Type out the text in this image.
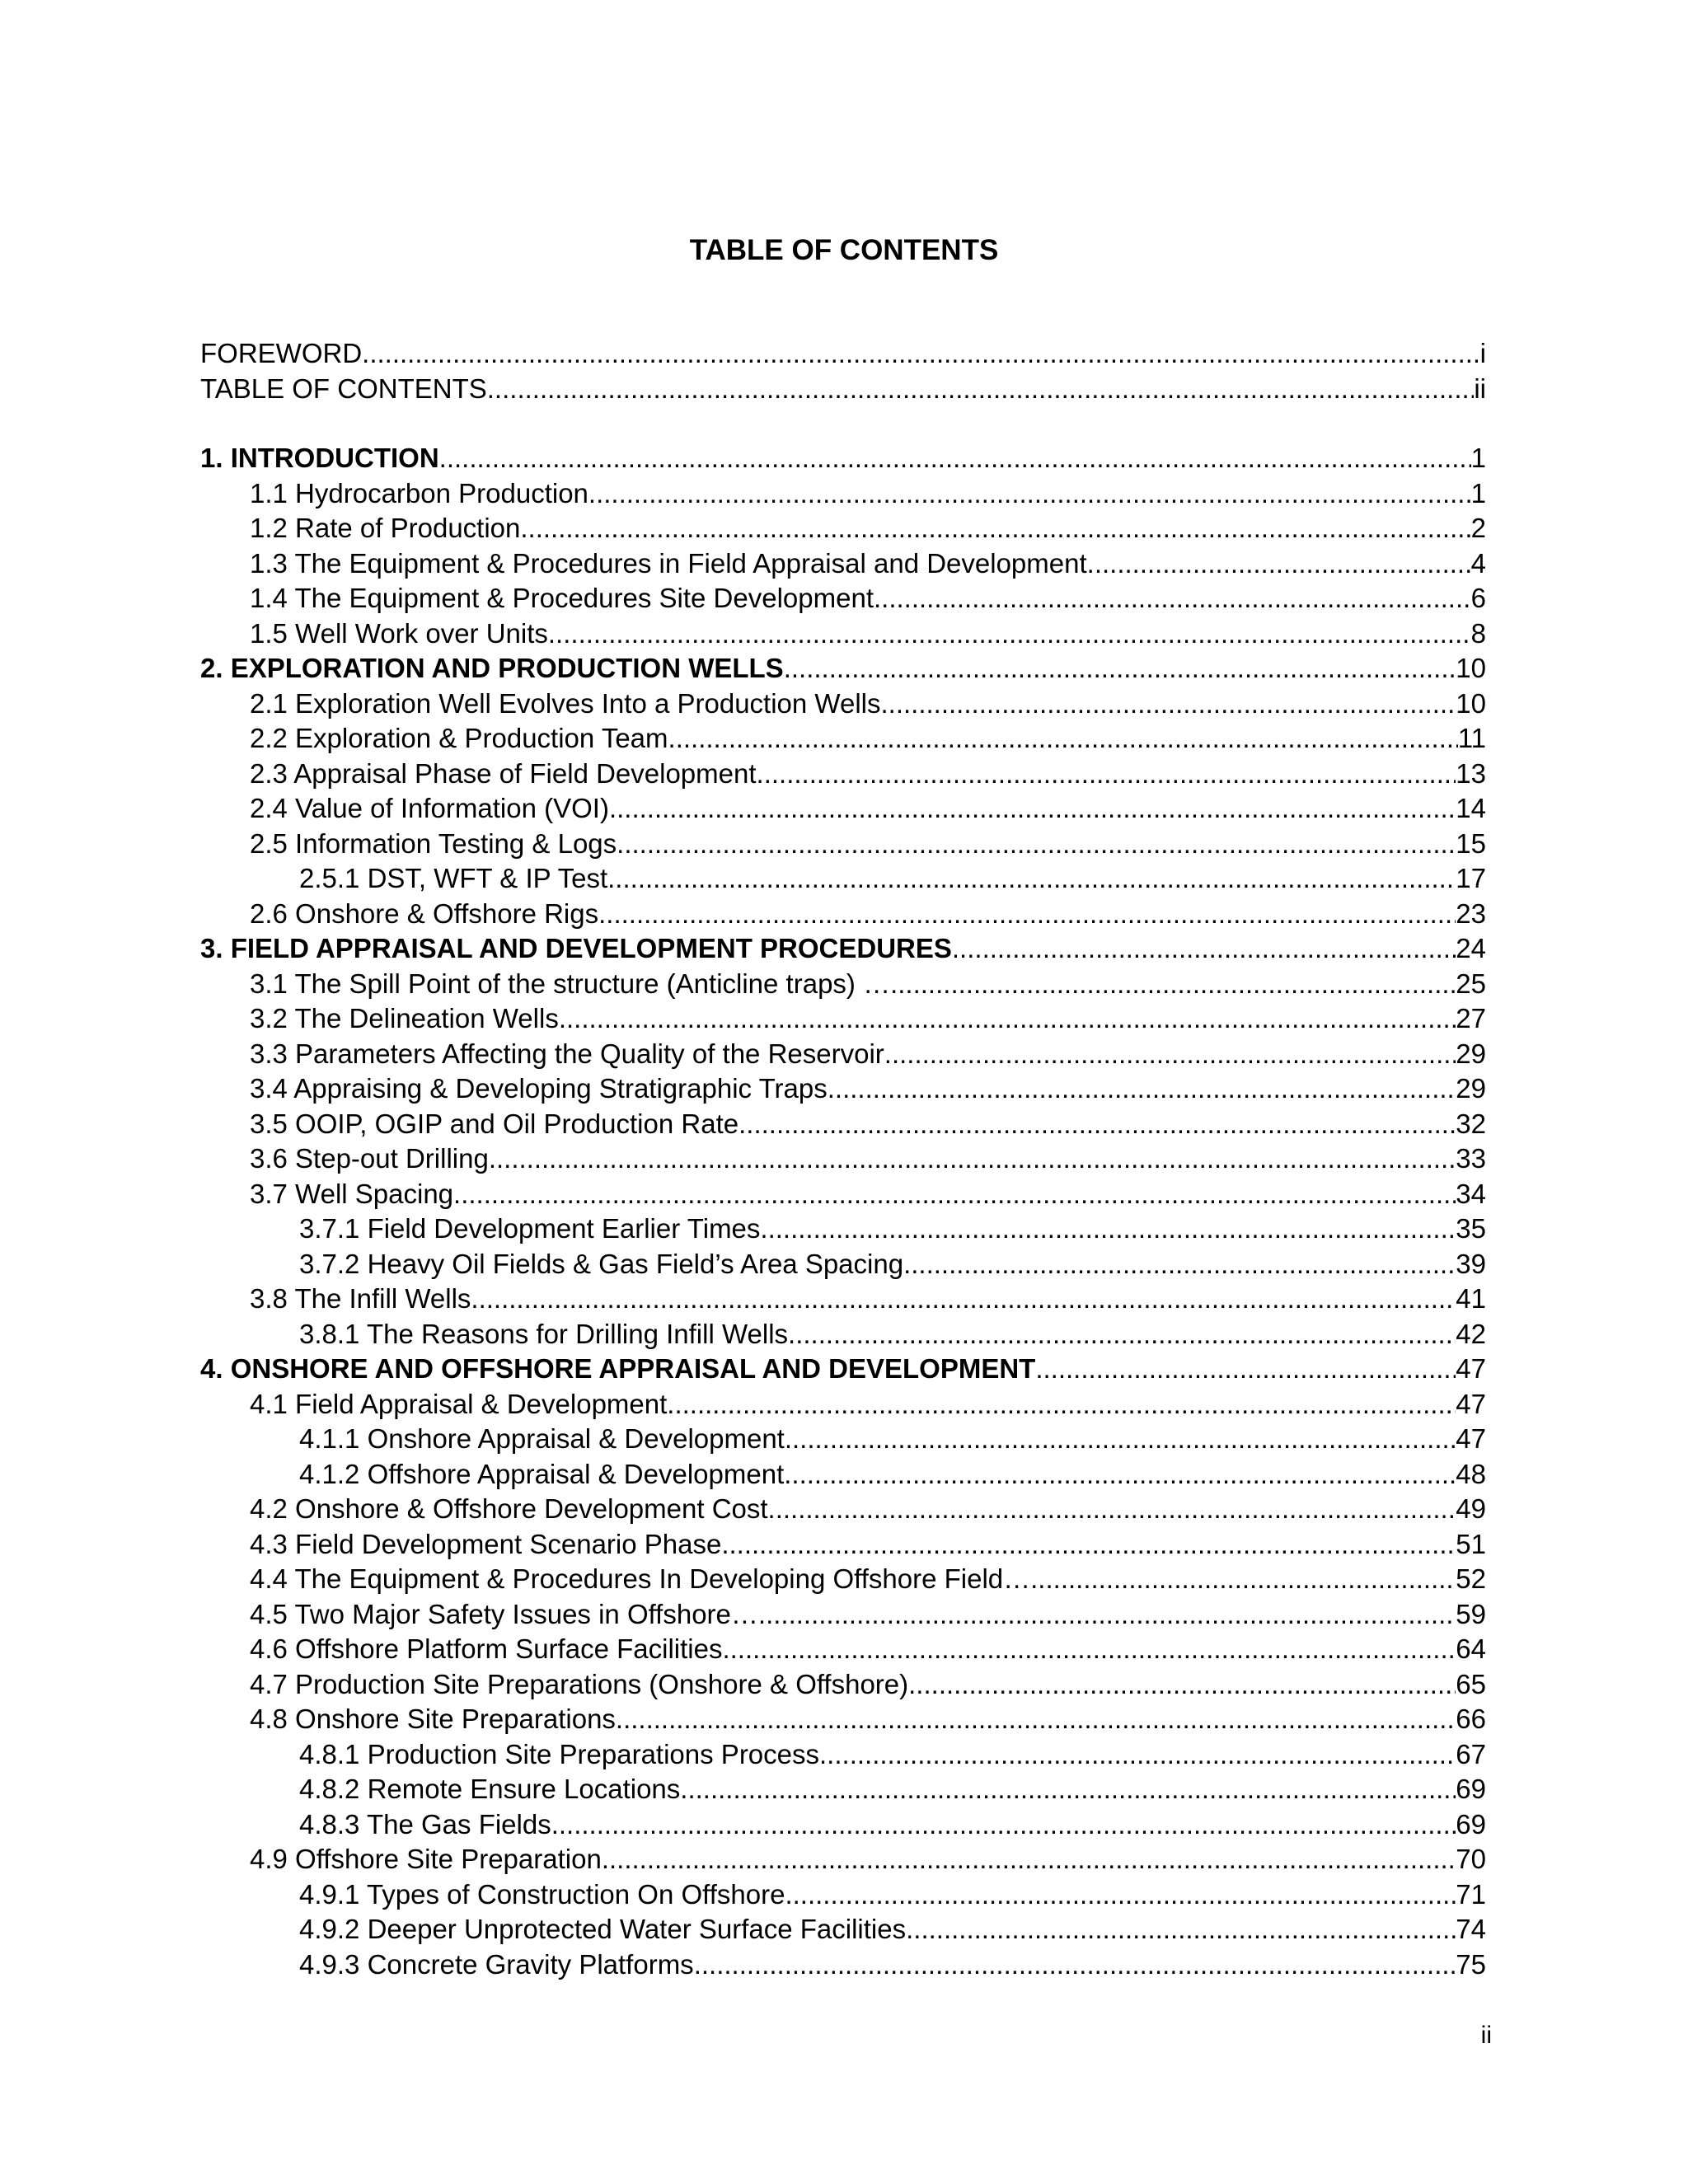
TABLE OF CONTENTS
FOREWORD .....	i
TABLE OF CONTENTS .....	ii
1. INTRODUCTION .....	1
1.1 Hydrocarbon Production .....	1
1.2 Rate of Production .....	2
1.3 The Equipment & Procedures in Field Appraisal and Development .....	4
1.4 The Equipment & Procedures Site Development .....	6
1.5 Well Work over Units .....	8
2. EXPLORATION AND PRODUCTION WELLS .....	10
2.1 Exploration Well Evolves Into a Production Wells .....	10
2.2 Exploration & Production Team .....	11
2.3 Appraisal Phase of Field Development .....	13
2.4 Value of Information (VOI) .....	14
2.5 Information Testing & Logs .....	15
2.5.1 DST, WFT & IP Test .....	17
2.6 Onshore & Offshore Rigs .....	23
3. FIELD APPRAISAL AND DEVELOPMENT PROCEDURES .....	24
3.1 The Spill Point of the structure (Anticline traps) … .....	25
3.2 The Delineation Wells .....	27
3.3 Parameters Affecting the Quality of the Reservoir .....	29
3.4 Appraising & Developing Stratigraphic Traps .....	29
3.5 OOIP, OGIP and Oil Production Rate .....	32
3.6 Step-out Drilling .....	33
3.7 Well Spacing .....	34
3.7.1 Field Development Earlier Times .....	35
3.7.2 Heavy Oil Fields & Gas Field’s Area Spacing .....	39
3.8 The Infill Wells .....	41
3.8.1 The Reasons for Drilling Infill Wells .....	42
4. ONSHORE AND OFFSHORE APPRAISAL AND DEVELOPMENT .....	47
4.1 Field Appraisal & Development .....	47
4.1.1 Onshore Appraisal & Development .....	47
4.1.2 Offshore Appraisal & Development .....	48
4.2 Onshore & Offshore Development Cost .....	49
4.3 Field Development Scenario Phase .....	51
4.4 The Equipment & Procedures In Developing Offshore Field… .....	52
4.5 Two Major Safety Issues in Offshore… .....	59
4.6 Offshore Platform Surface Facilities .....	64
4.7 Production Site Preparations (Onshore & Offshore) .....	65
4.8 Onshore Site Preparations .....	66
4.8.1 Production Site Preparations Process .....	67
4.8.2 Remote Ensure Locations .....	69
4.8.3 The Gas Fields .....	69
4.9 Offshore Site Preparation .....	70
4.9.1 Types of Construction On Offshore .....	71
4.9.2 Deeper Unprotected Water Surface Facilities .....	74
4.9.3 Concrete Gravity Platforms .....	75
ii
